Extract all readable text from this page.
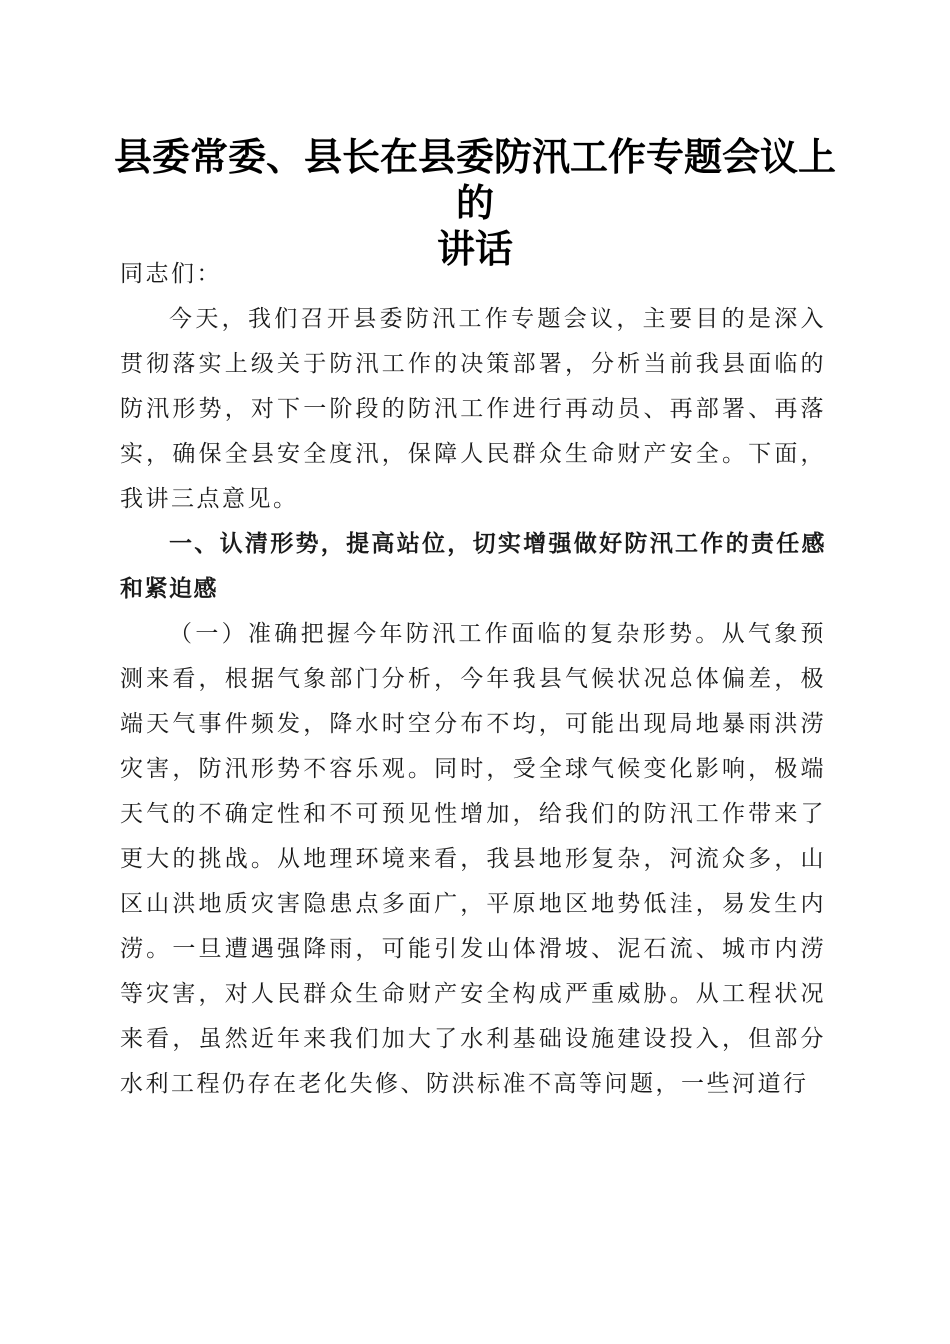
县委常委、县长在县委防汛工作专题会议上的
讲话

同志们：

今天，我们召开县委防汛工作专题会议，主要目的是深入贯彻落实上级关于防汛工作的决策部署，分析当前我县面临的防汛形势，对下一阶段的防汛工作进行再动员、再部署、再落实，确保全县安全度汛，保障人民群众生命财产安全。下面，我讲三点意见。

一、认清形势，提高站位，切实增强做好防汛工作的责任感和紧迫感

（一）准确把握今年防汛工作面临的复杂形势。从气象预测来看，根据气象部门分析，今年我县气候状况总体偏差，极端天气事件频发，降水时空分布不均，可能出现局地暴雨洪涝灾害，防汛形势不容乐观。同时，受全球气候变化影响，极端天气的不确定性和不可预见性增加，给我们的防汛工作带来了更大的挑战。从地理环境来看，我县地形复杂，河流众多，山区山洪地质灾害隐患点多面广，平原地区地势低洼，易发生内涝。一旦遭遇强降雨，可能引发山体滑坡、泥石流、城市内涝等灾害，对人民群众生命财产安全构成严重威胁。从工程状况来看，虽然近年来我们加大了水利基础设施建设投入，但部分水利工程仍存在老化失修、防洪标准不高等问题，一些河道行
